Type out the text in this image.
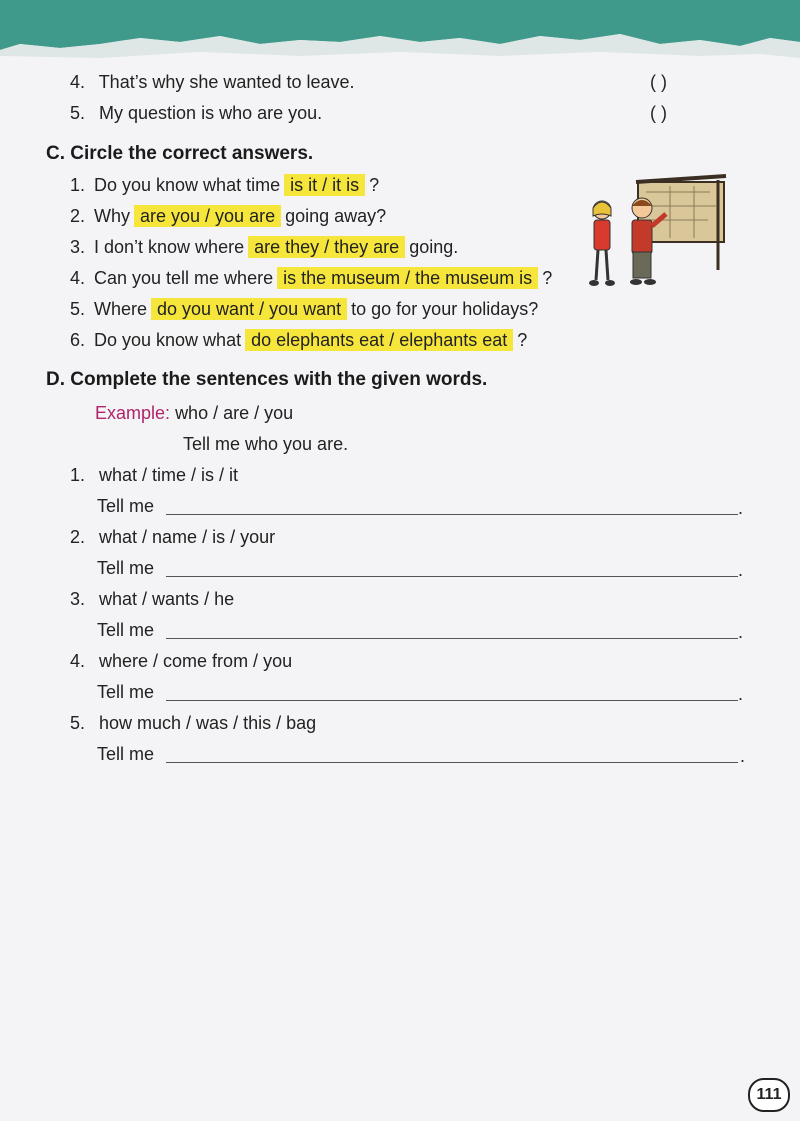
4. That’s why she wanted to leave.	( )
5. My question is who are you.	( )
C. Circle the correct answers.
1. Do you know what time is it / it is ?
2. Why are you / you are going away?
3. I don’t know where are they / they are going.
4. Can you tell me where is the museum / the museum is ?
5. Where do you want / you want to go for your holidays?
6. Do you know what do elephants eat / elephants eat ?
D. Complete the sentences with the given words.
Example: who / are / you
Tell me who you are.
1. what / time / is / it
Tell me	.
2. what / name / is / your
Tell me	.
3. what / wants / he
Tell me	.
4. where / come from / you
Tell me	.
5. how much / was / this / bag
Tell me	.
111
